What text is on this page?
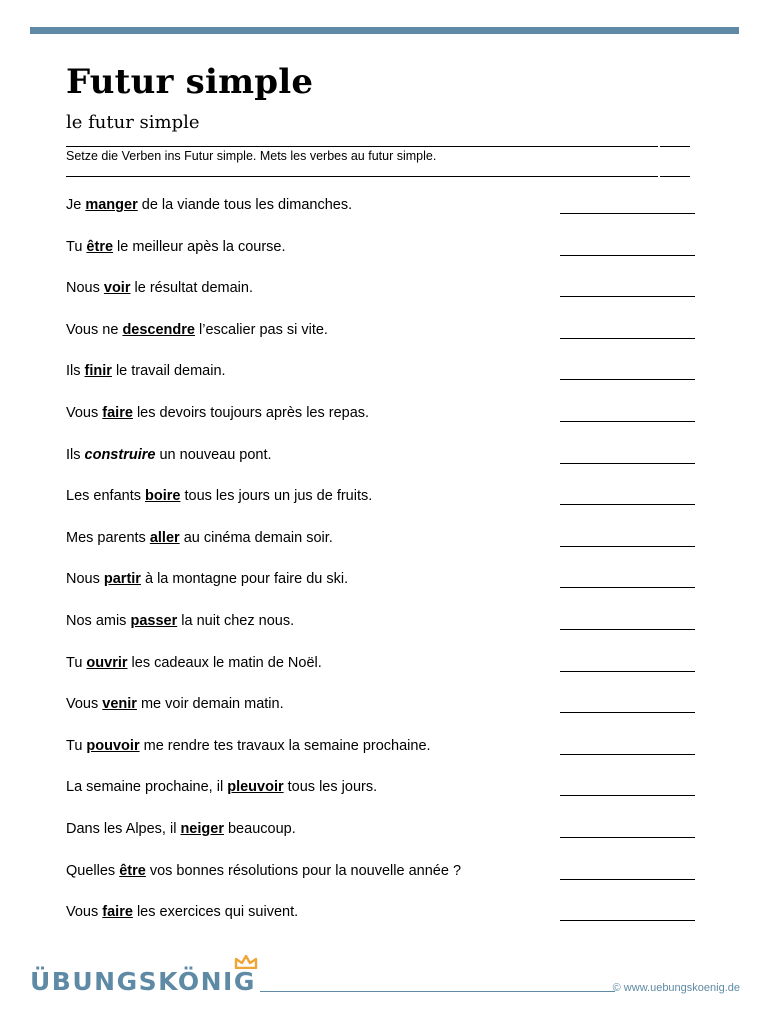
Futur simple
le futur simple
Setze die Verben ins Futur simple. Mets les verbes au futur simple.
Je manger de la viande tous les dimanches.
Tu être le meilleur apès la course.
Nous voir le résultat demain.
Vous ne descendre l’escalier pas si vite.
Ils finir le travail demain.
Vous faire les devoirs toujours après les repas.
Ils construire un nouveau pont.
Les enfants boire tous les jours un jus de fruits.
Mes parents aller au cinéma demain soir.
Nous partir à la montagne pour faire du ski.
Nos amis passer la nuit chez nous.
Tu ouvrir les cadeaux le matin de Noël.
Vous venir me voir demain matin.
Tu pouvoir me rendre tes travaux la semaine prochaine.
La semaine prochaine, il pleuvoir tous les jours.
Dans les Alpes, il neiger beaucoup.
Quelles être vos bonnes résolutions pour la nouvelle année ?
Vous faire les exercices qui suivent.
ÜBUNGSKÖNIG	© www.uebungskoenig.de
